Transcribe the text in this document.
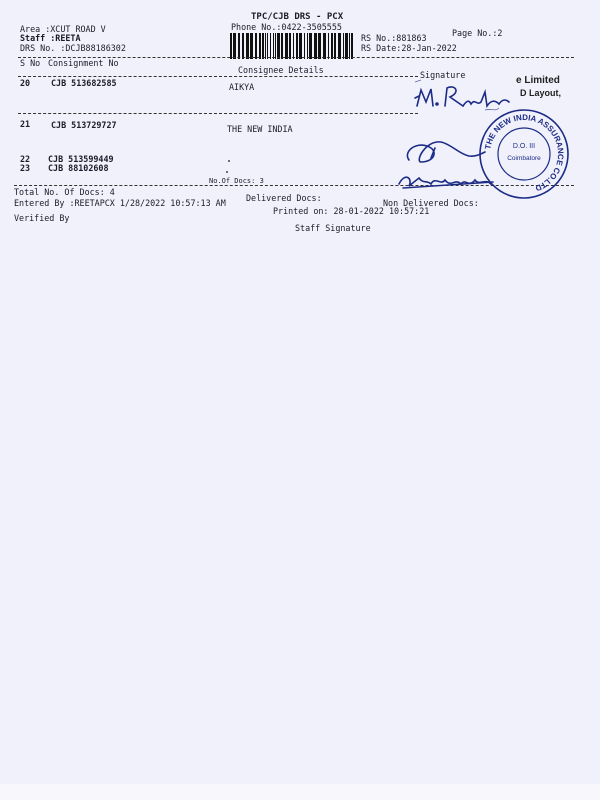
TPC/CJB DRS - PCX
Phone No.:0422-3505555
Page No.:2
Area :XCUT ROAD V
Staff :REETA
DRS No. :DCJB88186302
RS No.:881863
RS Date:28-Jan-2022
S No Consignment No
Consignee Details	Signature
20 CJB 513682585	AIKYA
21 CJB 513729727	THE NEW INDIA
22 CJB 513599449
23 CJB 88102608
No.Of Docs: 3
Total No. Of Docs: 4
Delivered Docs:	Non Delivered Docs:
Entered By :REETAPCX 1/28/2022 10:57:13 AM
Printed on: 28-01-2022 10:57:21
Verified By
Staff Signature
e Limited
D Layout,
THE NEW INDIA ASSURANCE CO.LTD
D.O. III
Coimbatore
